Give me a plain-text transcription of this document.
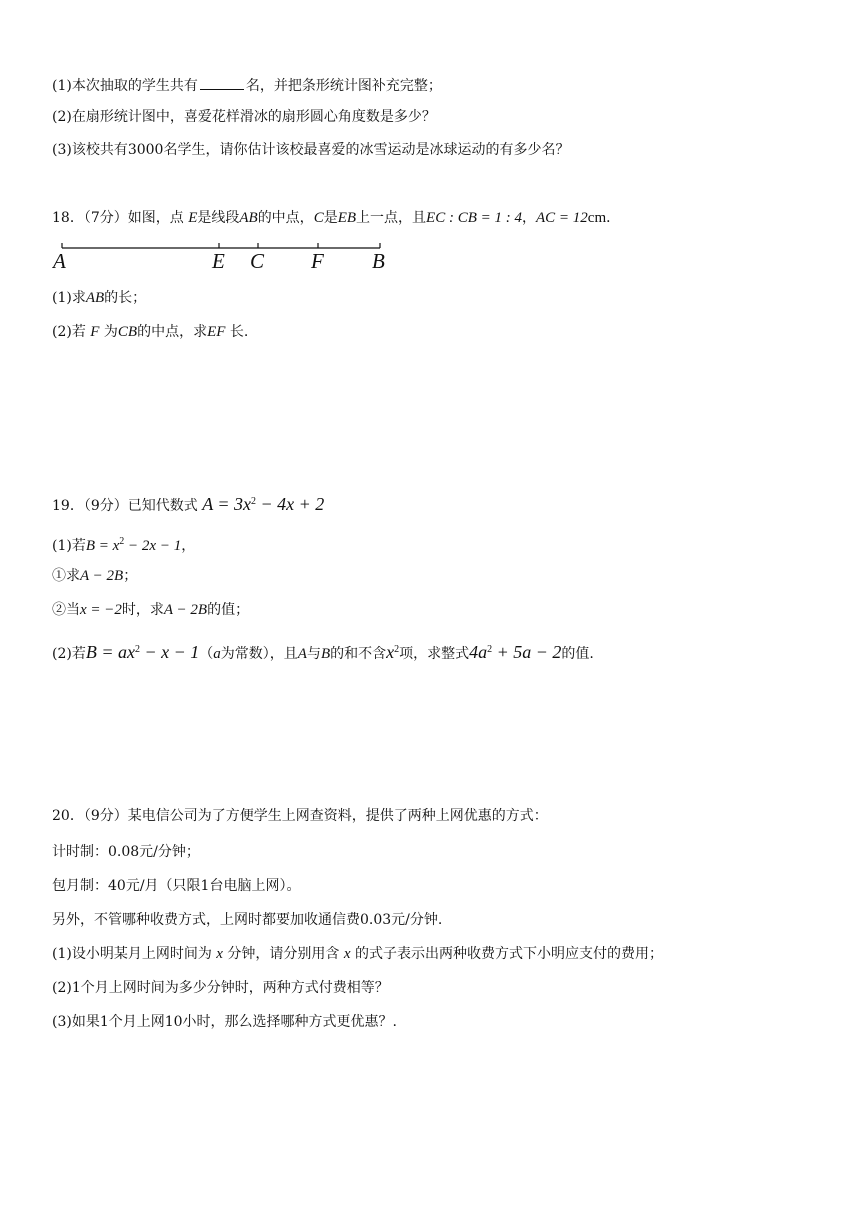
(1)本次抽取的学生共有	名，并把条形统计图补充完整；
(2)在扇形统计图中，喜爱花样滑冰的扇形圆心角度数是多少？
(3)该校共有3000名学生，请你估计该校最喜爱的冰雪运动是冰球运动的有多少名？
18．（7分）如图，点 E是线段AB的中点，C是EB上一点，且EC : CB = 1 : 4，AC = 12cm．
A	E C F B
(1)求AB的长；
(2)若 F 为CB的中点，求EF 长.
19．（9分）已知代数式 $A = 3x^2 - 4x + 2$
(1)若$B = x^2 - 2x - 1$，
①求A − 2B；
②当x = −2时，求A − 2B的值；
(2)若$B = ax^2 - x - 1(a$为常数），且A与B的和不含$x^2$项，求整式$4a^2 + 5a - 2$的值.
20．（9分）某电信公司为了方便学生上网查资料，提供了两种上网优惠的方式：
计时制：0.08元/分钟；
包月制：40元/月（只限1台电脑上网）。
另外，不管哪种收费方式，上网时都要加收通信费0.03元/分钟.
(1)设小明某月上网时间为 x 分钟，请分别用含 x 的式子表示出两种收费方式下小明应支付的费用；
(2)1个月上网时间为多少分钟时，两种方式付费相等？
(3)如果1个月上网10小时，那么选择哪种方式更优惠？.
